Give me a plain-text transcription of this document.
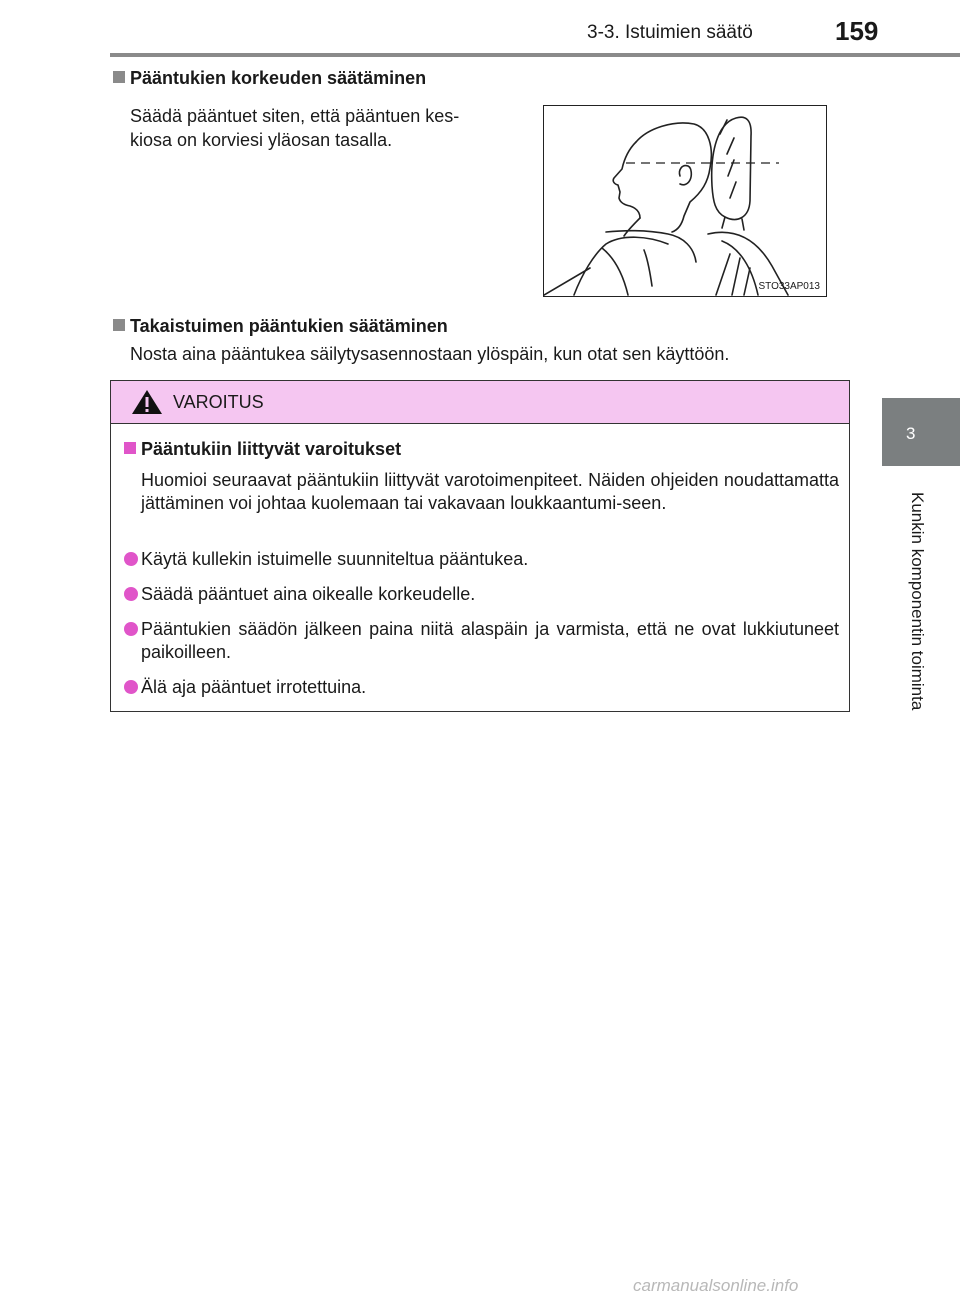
3-3. Istuimien säätö	159
3
Kunkin komponentin toiminta
Pääntukien korkeuden säätäminen
Säädä pääntuet siten, että pääntuen kes-
kiosa on korviesi yläosan tasalla.
STO33AP013
Takaistuimen pääntukien säätäminen
Nosta aina pääntukea säilytysasennostaan ylöspäin, kun otat sen käyttöön.
VAROITUS
Pääntukiin liittyvät varoitukset
Huomioi seuraavat pääntukiin liittyvät varotoimenpiteet. Näiden ohjeiden noudattamatta jättäminen voi johtaa kuolemaan tai vakavaan loukkaantumi-seen.
Käytä kullekin istuimelle suunniteltua pääntukea.
Säädä pääntuet aina oikealle korkeudelle.
Pääntukien säädön jälkeen paina niitä alaspäin ja varmista, että ne ovat lukkiutuneet paikoilleen.
Älä aja pääntuet irrotettuina.
carmanualsonline.info
